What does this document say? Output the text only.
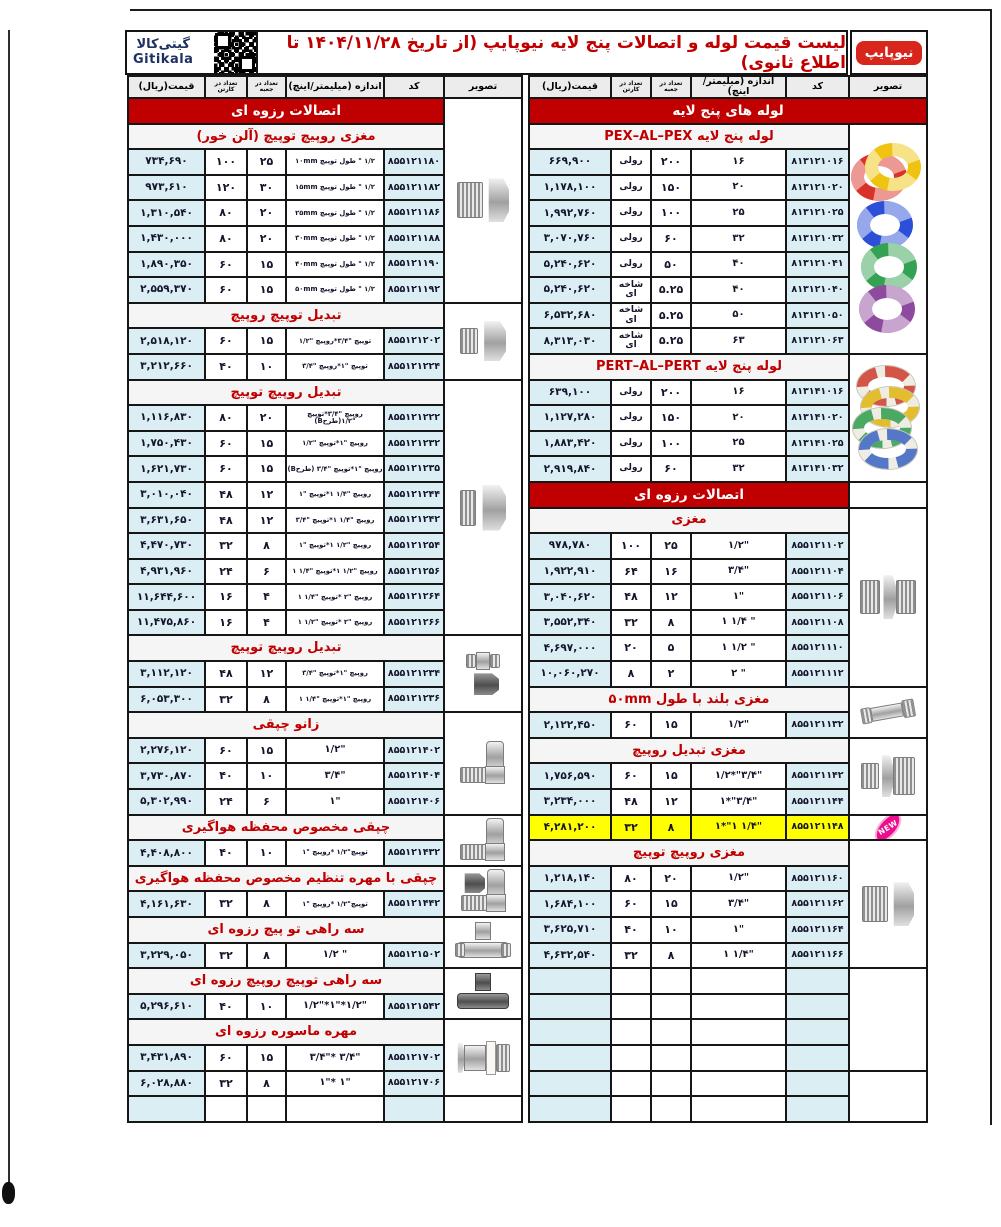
گیتی‌کالا
Gitikala
لیست قیمت لوله و اتصالات پنج لایه نیوپایپ (از تاریخ ۱۴۰۴/۱۱/۲۸ تا اطلاع ثانوی)	نیوپایپ
تصویر
کد
اندازه (میلیمتر/اینچ)
تعداد در جعبه
تعداد در کارتن
قیمت(ریال)
لوله های پنج لایه
لوله پنج لایه PEX–AL–PEX
۸۱۳۱۲۱۰۱۶
۱۶
۲۰۰
رولی
۶۶۹,۹۰۰
۸۱۳۱۲۱۰۲۰
۲۰
۱۵۰
رولی
۱,۱۷۸,۱۰۰
۸۱۳۱۲۱۰۲۵
۲۵
۱۰۰
رولی
۱,۹۹۲,۷۶۰
۸۱۳۱۲۱۰۳۲
۳۲
۶۰
رولی
۳,۰۷۰,۷۶۰
۸۱۳۱۲۱۰۴۱
۴۰
۵۰
رولی
۵,۲۴۰,۶۲۰
۸۱۳۱۲۱۰۴۰
۴۰
۵.۲۵
شاخه ای
۵,۲۴۰,۶۲۰
۸۱۳۱۲۱۰۵۰
۵۰
۵.۲۵
شاخه ای
۶,۵۳۲,۶۸۰
۸۱۳۱۲۱۰۶۳
۶۳
۵.۲۵
شاخه ای
۸,۳۱۳,۰۳۰
لوله پنج لایه PERT–AL–PERT
۸۱۳۱۴۱۰۱۶
۱۶
۲۰۰
رولی
۶۳۹,۱۰۰
۸۱۳۱۴۱۰۲۰
۲۰
۱۵۰
رولی
۱,۱۲۷,۲۸۰
۸۱۳۱۴۱۰۲۵
۲۵
۱۰۰
رولی
۱,۸۸۳,۴۲۰
۸۱۳۱۴۱۰۳۲
۳۲
۶۰
رولی
۲,۹۱۹,۸۴۰
اتصالات رزوه ای
مغزی
۸۵۵۱۲۱۱۰۲
۱/۲"
۲۵
۱۰۰
۹۷۸,۷۸۰
۸۵۵۱۲۱۱۰۴
۳/۴"
۱۶
۶۴
۱,۹۲۲,۹۱۰
۸۵۵۱۲۱۱۰۶
۱"
۱۲
۴۸
۳,۰۴۰,۶۲۰
۸۵۵۱۲۱۱۰۸
۱ ۱/۴ "
۸
۳۲
۳,۵۵۲,۳۴۰
۸۵۵۱۲۱۱۱۰
۱ ۱/۲ "
۵
۲۰
۴,۶۹۷,۰۰۰
۸۵۵۱۲۱۱۱۲
۲ "
۲
۸
۱۰,۰۶۰,۲۷۰
مغزی بلند با طول ۵۰mm
۸۵۵۱۲۱۱۳۲
۱/۲"
۱۵
۶۰
۲,۱۲۲,۴۵۰
مغزی تبدیل روپیچ
۸۵۵۱۲۱۱۴۲
۱/۲*"۳/۴"
۱۵
۶۰
۱,۷۵۶,۵۹۰
۸۵۵۱۲۱۱۴۴
۱*"۳/۴"
۱۲
۴۸
۳,۲۳۴,۰۰۰
NEW
۸۵۵۱۲۱۱۴۸
۱*"۱ ۱/۴"
۸
۳۲
۴,۲۸۱,۲۰۰
مغزی روپیچ توپیچ
۸۵۵۱۲۱۱۶۰
۱/۲"
۲۰
۸۰
۱,۲۱۸,۱۴۰
۸۵۵۱۲۱۱۶۲
۳/۴"
۱۵
۶۰
۱,۶۸۴,۱۰۰
۸۵۵۱۲۱۱۶۴
۱"
۱۰
۴۰
۳,۶۲۵,۷۱۰
۸۵۵۱۲۱۱۶۶
۱ ۱/۴"
۸
۳۲
۴,۶۳۲,۵۴۰
تصویر
کد
اندازه (میلیمتر/اینچ)
تعداد در جعبه
تعداد در کارتن
قیمت(ریال)
اتصالات رزوه ای
مغزی روپیچ توپیچ (آلن خور)
۸۵۵۱۲۱۱۸۰
۱/۲ " طول توپیچ ۱۰mm
۲۵
۱۰۰
۷۳۴,۶۹۰
۸۵۵۱۲۱۱۸۲
۱/۲ " طول توپیچ ۱۵mm
۳۰
۱۲۰
۹۷۳,۶۱۰
۸۵۵۱۲۱۱۸۶
۱/۲ " طول توپیچ ۲۵mm
۲۰
۸۰
۱,۳۱۰,۵۴۰
۸۵۵۱۲۱۱۸۸
۱/۲ " طول توپیچ ۳۰mm
۲۰
۸۰
۱,۴۳۰,۰۰۰
۸۵۵۱۲۱۱۹۰
۱/۲ " طول توپیچ ۴۰mm
۱۵
۶۰
۱,۸۹۰,۳۵۰
۸۵۵۱۲۱۱۹۲
۱/۲ " طول توپیچ ۵۰mm
۱۵
۶۰
۲,۵۵۹,۳۷۰
تبدیل توپیچ روپیچ
۸۵۵۱۲۱۲۰۲
توپیچ "۳/۴*روپیچ "۱/۲
۱۵
۶۰
۲,۵۱۸,۱۲۰
۸۵۵۱۲۱۲۲۴
توپیچ "۱*روپیچ "۳/۴
۱۰
۴۰
۳,۲۱۲,۶۶۰
تبدیل روپیچ توپیچ
۸۵۵۱۲۱۲۲۲
روپیچ "۳/۴*توپیچ "۱/۲(طرحB)
۲۰
۸۰
۱,۱۱۶,۸۳۰
۸۵۵۱۲۱۲۳۲
روپیچ "۱*توپیچ "۱/۲
۱۵
۶۰
۱,۷۵۰,۴۳۰
۸۵۵۱۲۱۲۳۵
روپیچ "۱*توپیچ "۳/۴ (طرحB)
۱۵
۶۰
۱,۶۲۱,۷۳۰
۸۵۵۱۲۱۲۴۴
روپیچ "۱/۴ ۱*توپیچ "۱
۱۲
۴۸
۳,۰۱۰,۰۴۰
۸۵۵۱۲۱۲۴۲
روپیچ "۱/۴ ۱*توپیچ "۳/۴
۱۲
۴۸
۳,۶۳۱,۶۵۰
۸۵۵۱۲۱۲۵۴
روپیچ "۱/۲ ۱*توپیچ "۱
۸
۳۲
۴,۴۷۰,۷۳۰
۸۵۵۱۲۱۲۵۶
روپیچ "۱/۲ ۱*توپیچ "۱/۴ ۱
۶
۲۴
۴,۹۳۱,۹۶۰
۸۵۵۱۲۱۲۶۴
روپیچ "۲ *توپیچ "۱/۴ ۱
۴
۱۶
۱۱,۶۴۴,۶۰۰
۸۵۵۱۲۱۲۶۶
روپیچ "۲ *توپیچ "۱/۲ ۱
۴
۱۶
۱۱,۴۷۵,۸۶۰
تبدیل روپیچ توپیچ
۸۵۵۱۲۱۲۳۴
روپیچ "۱*توپیچ "۳/۴
۱۲
۴۸
۳,۱۱۲,۱۲۰
۸۵۵۱۲۱۲۳۶
روپیچ "۱*توپیچ "۱/۴ ۱
۸
۳۲
۶,۰۵۳,۳۰۰
زانو چپقی
۸۵۵۱۲۱۴۰۲
۱/۲"
۱۵
۶۰
۲,۲۷۶,۱۲۰
۸۵۵۱۲۱۴۰۴
۳/۴"
۱۰
۴۰
۳,۷۳۰,۸۷۰
۸۵۵۱۲۱۴۰۶
۱"
۶
۲۴
۵,۳۰۲,۹۹۰
چپقی مخصوص محفظه هواگیری
۸۵۵۱۲۱۴۳۲
توپیچ"۱/۲ *روپیچ "۱
۱۰
۴۰
۴,۴۰۸,۸۰۰
چپقی با مهره تنظیم مخصوص محفظه هواگیری
۸۵۵۱۲۱۴۴۲
توپیچ"۱/۲ *روپیچ "۱
۸
۳۲
۴,۱۶۱,۶۳۰
سه راهی تو پیچ رزوه ای
۸۵۵۱۲۱۵۰۲
۱/۲ "
۸
۳۲
۳,۲۲۹,۰۵۰
سه راهی توپیچ روپیچ رزوه ای
۸۵۵۱۲۱۵۴۲
۱/۲"*۱"*۱/۲"
۱۰
۴۰
۵,۲۹۶,۶۱۰
مهره ماسوره رزوه ای
۸۵۵۱۲۱۷۰۲
۳/۴"* ۳/۴"
۱۵
۶۰
۳,۴۳۱,۸۹۰
۸۵۵۱۲۱۷۰۶
۱"* ۱"
۸
۳۲
۶,۰۲۸,۸۸۰
